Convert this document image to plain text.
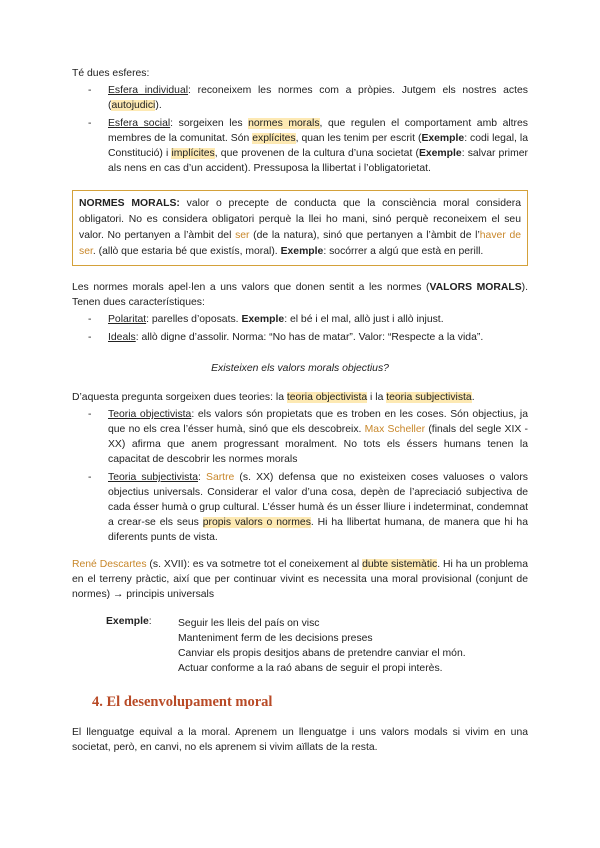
Té dues esferes:

- Esfera individual: reconeixem les normes com a pròpies. Jutgem els nostres actes (autojudici).
- Esfera social: sorgeixen les normes morals, que regulen el comportament amb altres membres de la comunitat. Són explícites, quan les tenim per escrit (Exemple: codi legal, la Constitució) i implícites, que provenen de la cultura d’una societat (Exemple: salvar primer als nens en cas d’un accident). Pressuposa la llibertat i l’obligatorietat.

NORMES MORALS: valor o precepte de conducta que la consciència moral considera obligatori. No es considera obligatori perquè la llei ho mani, sinó perquè reconeixem el seu valor. No pertanyen a l’àmbit del ser (de la natura), sinó que pertanyen a l’àmbit de l’haver de ser. (allò que estaria bé que existís, moral). Exemple: socórrer a algú que està en perill.

Les normes morals apel·len a uns valors que donen sentit a les normes (VALORS MORALS). Tenen dues característiques:

- Polaritat: parelles d’oposats. Exemple: el bé i el mal, allò just i allò injust.
- Ideals: allò digne d’assolir. Norma: “No has de matar”. Valor: “Respecte a la vida”.

Existeixen els valors morals objectius?

D’aquesta pregunta sorgeixen dues teories: la teoria objectivista i la teoria subjectivista.

- Teoria objectivista: els valors són propietats que es troben en les coses. Són objectius, ja que no els crea l’ésser humà, sinó que els descobreix. Max Scheller (finals del segle XIX - XX) afirma que anem progressant moralment. No tots els éssers humans tenen la capacitat de descobrir les normes morals
- Teoria subjectivista: Sartre (s. XX) defensa que no existeixen coses valuoses o valors objectius universals. Considerar el valor d’una cosa, depèn de l’apreciació subjectiva de cada ésser humà o grup cultural. L’ésser humà és un ésser lliure i indeterminat, condemnat a crear-se els seus propis valors o normes. Hi ha llibertat humana, de manera que hi ha diferents punts de vista.

René Descartes (s. XVII): es va sotmetre tot el coneixement al dubte sistemàtic. Hi ha un problema en el terreny pràctic, així que per continuar vivint es necessita una moral provisional (conjunt de normes) → principis universals

Exemple:	Seguir les lleis del país on visc
Manteniment ferm de les decisions preses
Canviar els propis desitjos abans de pretendre canviar el món.
Actuar conforme a la raó abans de seguir el propi interès.
4. El desenvolupament moral

El llenguatge equival a la moral. Aprenem un llenguatge i uns valors modals si vivim en una societat, però, en canvi, no els aprenem si vivim aïllats de la resta.
